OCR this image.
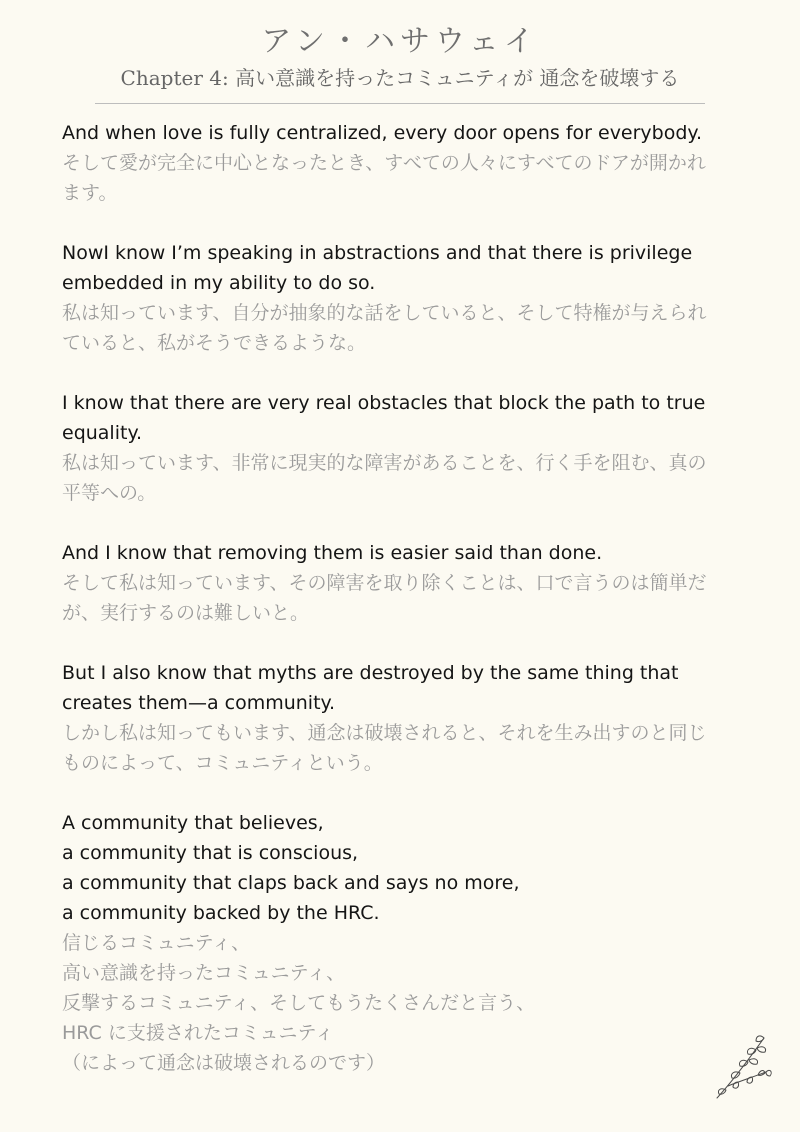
アン・ハサウェイ
Chapter 4: 高い意識を持ったコミュニティが 通念を破壊する
And when love is fully centralized, every door opens for everybody.
そして愛が完全に中心となったとき、すべての人々にすべてのドアが開かれ
ます。
NowI know I’m speaking in abstractions and that there is privilege
embedded in my ability to do so.
私は知っています、自分が抽象的な話をしていると、そして特権が与えられ
ていると、私がそうできるような。
I know that there are very real obstacles that block the path to true
equality.
私は知っています、非常に現実的な障害があることを、行く手を阻む、真の
平等への。
And I know that removing them is easier said than done.
そして私は知っています、その障害を取り除くことは、口で言うのは簡単だ
が、実行するのは難しいと。
But I also know that myths are destroyed by the same thing that
creates them—a community.
しかし私は知ってもいます、通念は破壊されると、それを生み出すのと同じ
ものによって、コミュニティという。
A community that believes,
a community that is conscious,
a community that claps back and says no more,
a community backed by the HRC.
信じるコミュニティ、
高い意識を持ったコミュニティ、
反撃するコミュニティ、そしてもうたくさんだと言う、
HRC に支援されたコミュニティ
（によって通念は破壊されるのです）
